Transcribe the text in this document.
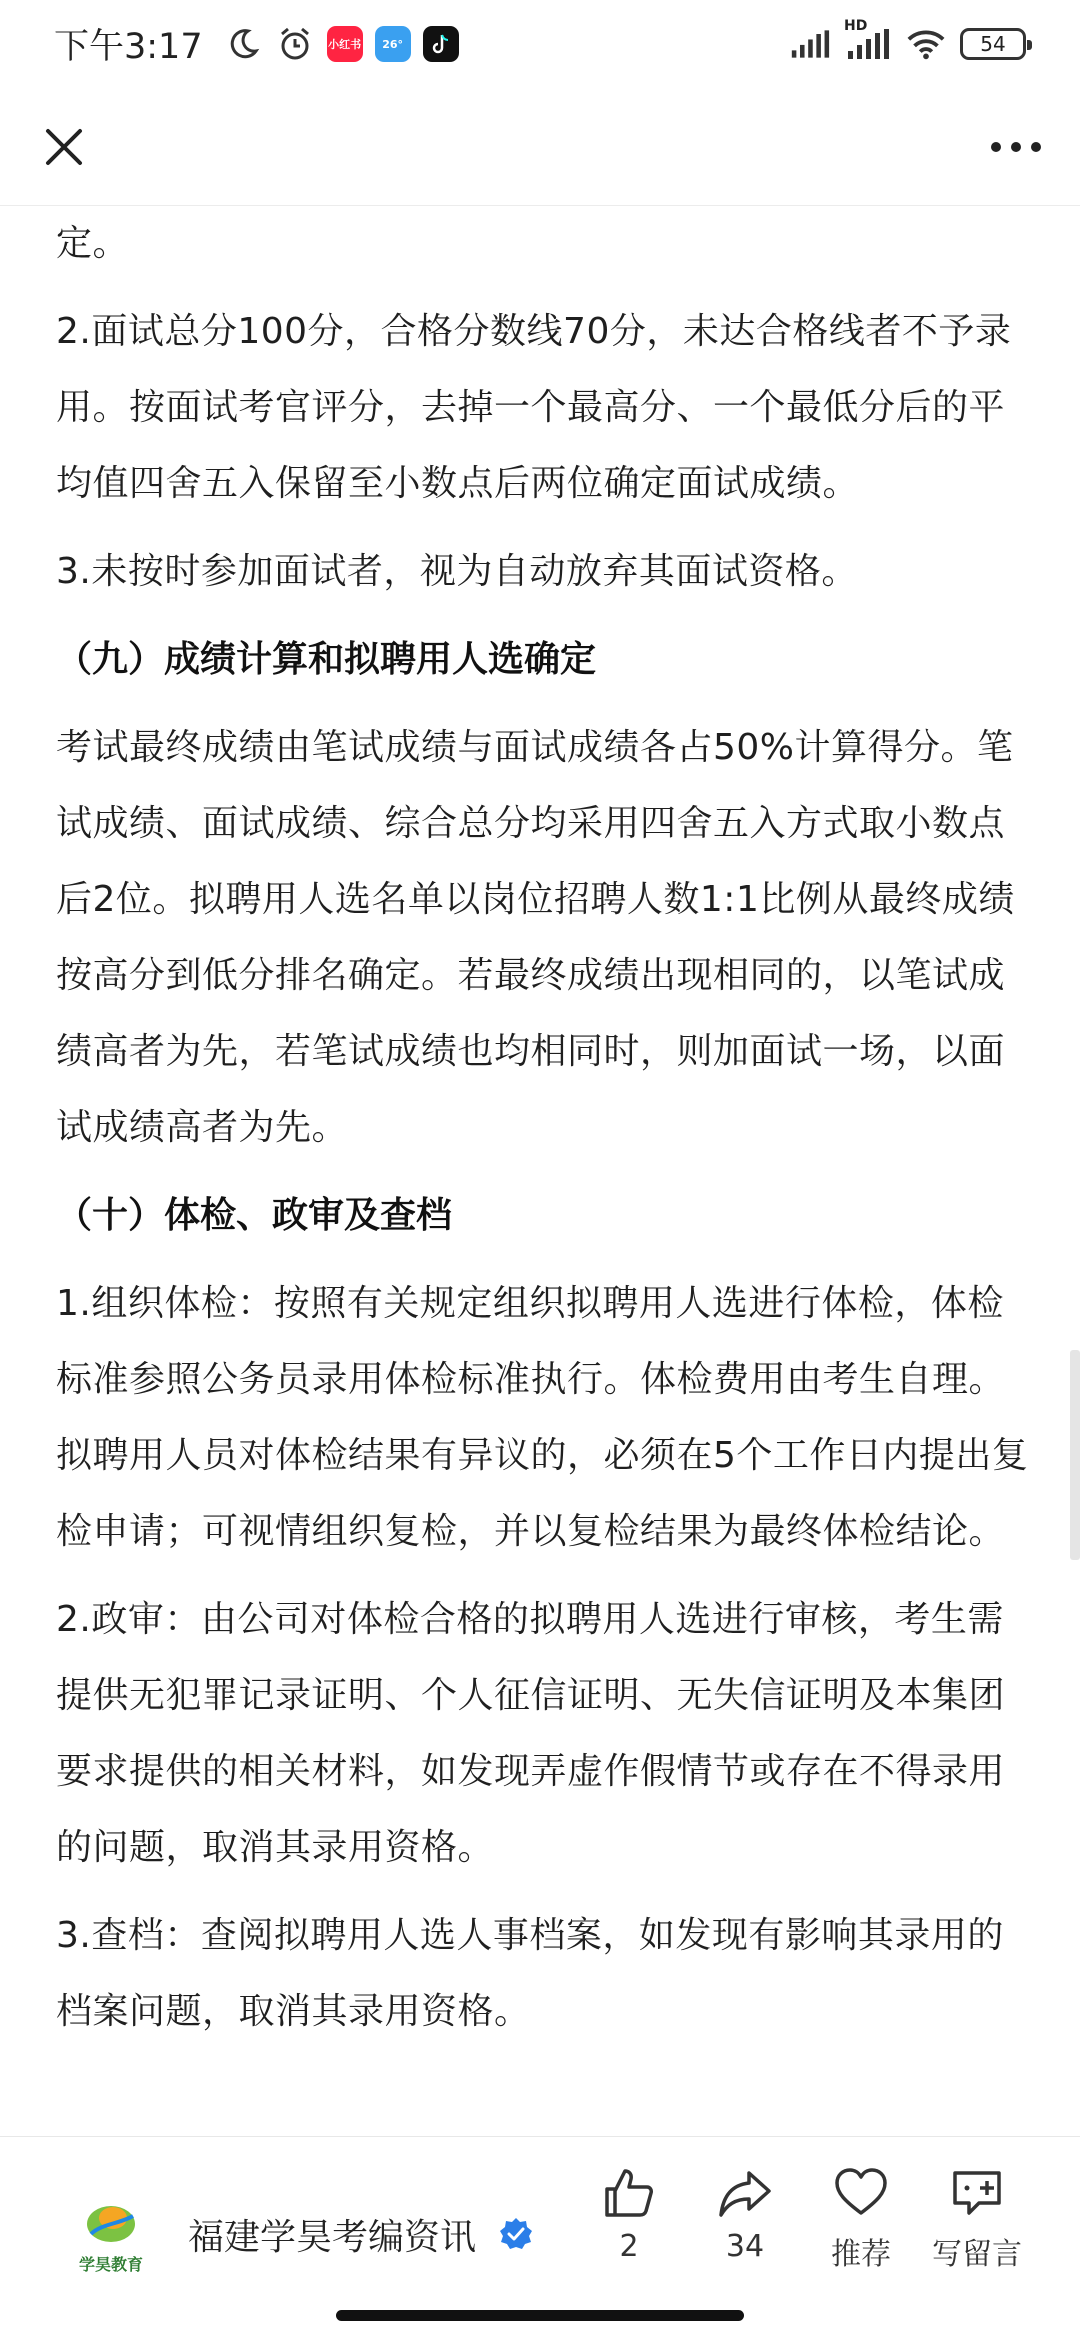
下午3:17	小红书	26°
HD
54

定。

2.面试总分100分，合格分数线70分，未达合格线者不予录用。按面试考官评分，去掉一个最高分、一个最低分后的平均值四舍五入保留至小数点后两位确定面试成绩。

3.未按时参加面试者，视为自动放弃其面试资格。

（九）成绩计算和拟聘用人选确定

考试最终成绩由笔试成绩与面试成绩各占50%计算得分。笔试成绩、面试成绩、综合总分均采用四舍五入方式取小数点后2位。拟聘用人选名单以岗位招聘人数1:1比例从最终成绩按高分到低分排名确定。若最终成绩出现相同的，以笔试成绩高者为先，若笔试成绩也均相同时，则加面试一场，以面试成绩高者为先。

（十）体检、政审及查档

1.组织体检：按照有关规定组织拟聘用人选进行体检，体检标准参照公务员录用体检标准执行。体检费用由考生自理。拟聘用人员对体检结果有异议的，必须在5个工作日内提出复检申请；可视情组织复检，并以复检结果为最终体检结论。

2.政审：由公司对体检合格的拟聘用人选进行审核，考生需提供无犯罪记录证明、个人征信证明、无失信证明及本集团要求提供的相关材料，如发现弄虚作假情节或存在不得录用的问题，取消其录用资格。

3.查档：查阅拟聘用人选人事档案，如发现有影响其录用的档案问题，取消其录用资格。

学昊教育
福建学昊考编资讯	2	34 推荐 写留言
